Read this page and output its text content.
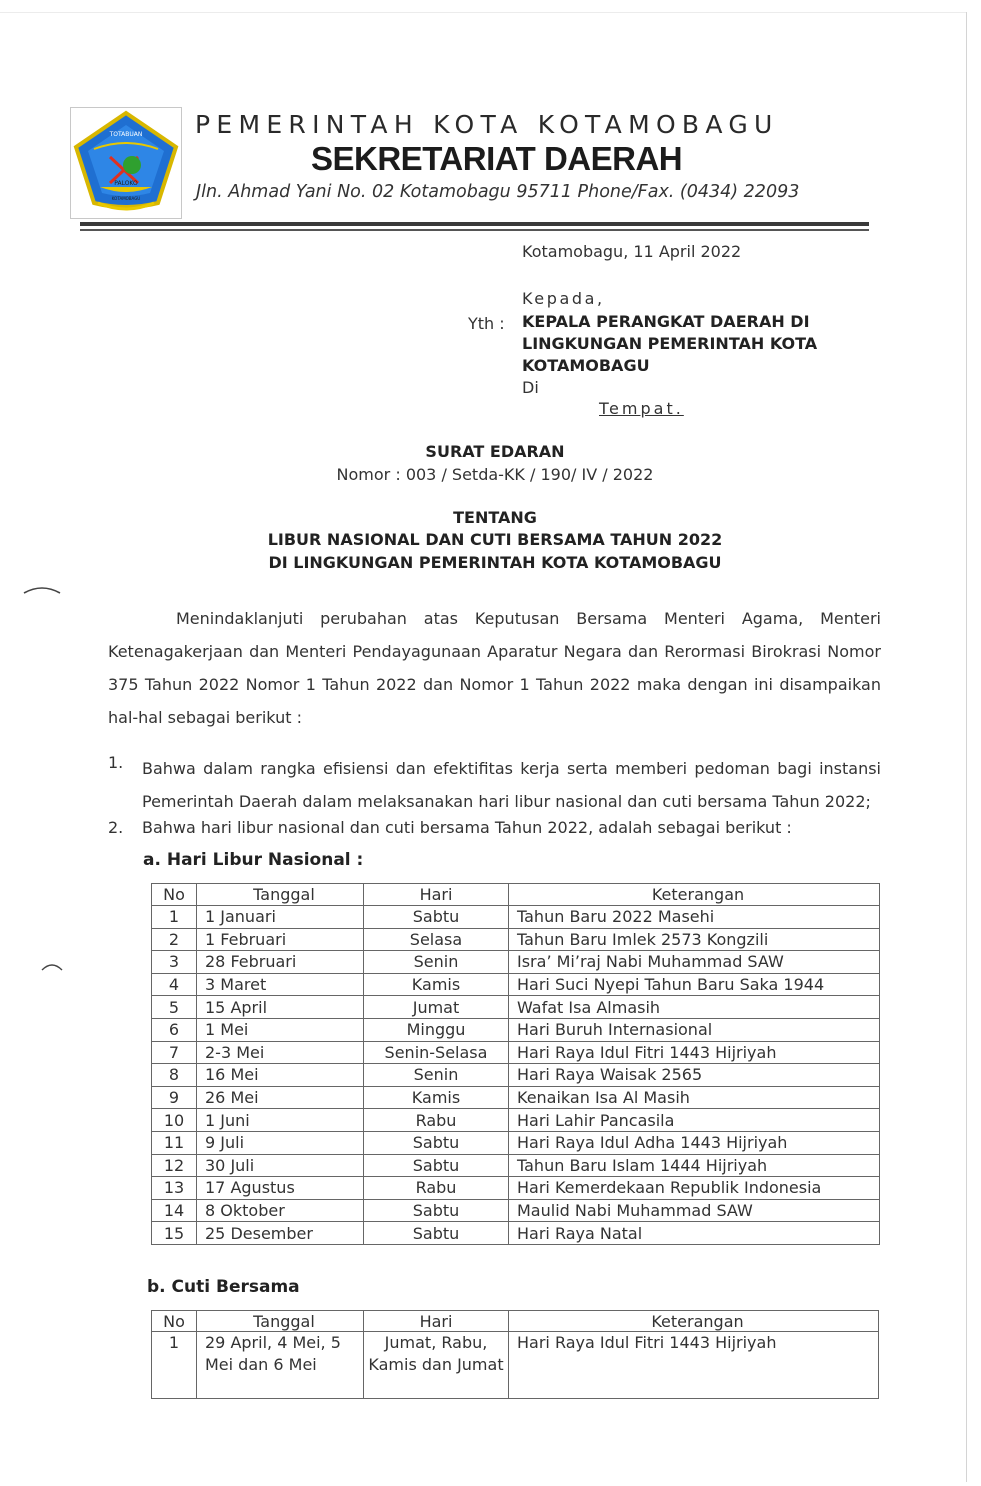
TOTABUAN
PALOKO
KOTAMOBAGU
PEMERINTAH KOTA KOTAMOBAGU
SEKRETARIAT DAERAH
Jln. Ahmad Yani No. 02 Kotamobagu 95711 Phone/Fax. (0434) 22093
Kotamobagu, 11 April 2022
Kepada,
Yth : KEPALA PERANGKAT DAERAH DI
LINGKUNGAN PEMERINTAH KOTA
KOTAMOBAGU
Di
Tempat.
SURAT EDARAN
Nomor : 003 / Setda-KK / 190/ IV / 2022
TENTANG
LIBUR NASIONAL DAN CUTI BERSAMA TAHUN 2022
DI LINGKUNGAN PEMERINTAH KOTA KOTAMOBAGU
Menindaklanjuti perubahan atas Keputusan Bersama Menteri Agama, Menteri Ketenagakerjaan dan Menteri Pendayagunaan Aparatur Negara dan Rerormasi Birokrasi Nomor 375 Tahun 2022 Nomor 1 Tahun 2022 dan Nomor 1 Tahun 2022 maka dengan ini disampaikan hal-hal sebagai berikut :
1. Bahwa dalam rangka efisiensi dan efektifitas kerja serta memberi pedoman bagi instansi Pemerintah Daerah dalam melaksanakan hari libur nasional dan cuti bersama Tahun 2022;
2. Bahwa hari libur nasional dan cuti bersama Tahun 2022, adalah sebagai berikut :
a. Hari Libur Nasional :
No	Tanggal	Hari	Keterangan
1	1 Januari	Sabtu	Tahun Baru 2022 Masehi
2	1 Februari	Selasa	Tahun Baru Imlek 2573 Kongzili
3	28 Februari	Senin	Isra’ Mi’raj Nabi Muhammad SAW
4	3 Maret	Kamis	Hari Suci Nyepi Tahun Baru Saka 1944
5	15 April	Jumat	Wafat Isa Almasih
6	1 Mei	Minggu	Hari Buruh Internasional
7	2-3 Mei	Senin-Selasa	Hari Raya Idul Fitri 1443 Hijriyah
8	16 Mei	Senin	Hari Raya Waisak 2565
9	26 Mei	Kamis	Kenaikan Isa Al Masih
10	1 Juni	Rabu	Hari Lahir Pancasila
11	9 Juli	Sabtu	Hari Raya Idul Adha 1443 Hijriyah
12	30 Juli	Sabtu	Tahun Baru Islam 1444 Hijriyah
13	17 Agustus	Rabu	Hari Kemerdekaan Republik Indonesia
14	8 Oktober	Sabtu	Maulid Nabi Muhammad SAW
15	25 Desember	Sabtu	Hari Raya Natal
b. Cuti Bersama
No	Tanggal	Hari	Keterangan
1	29 April, 4 Mei, 5 Mei dan 6 Mei	Jumat, Rabu, Kamis dan Jumat	Hari Raya Idul Fitri 1443 Hijriyah
